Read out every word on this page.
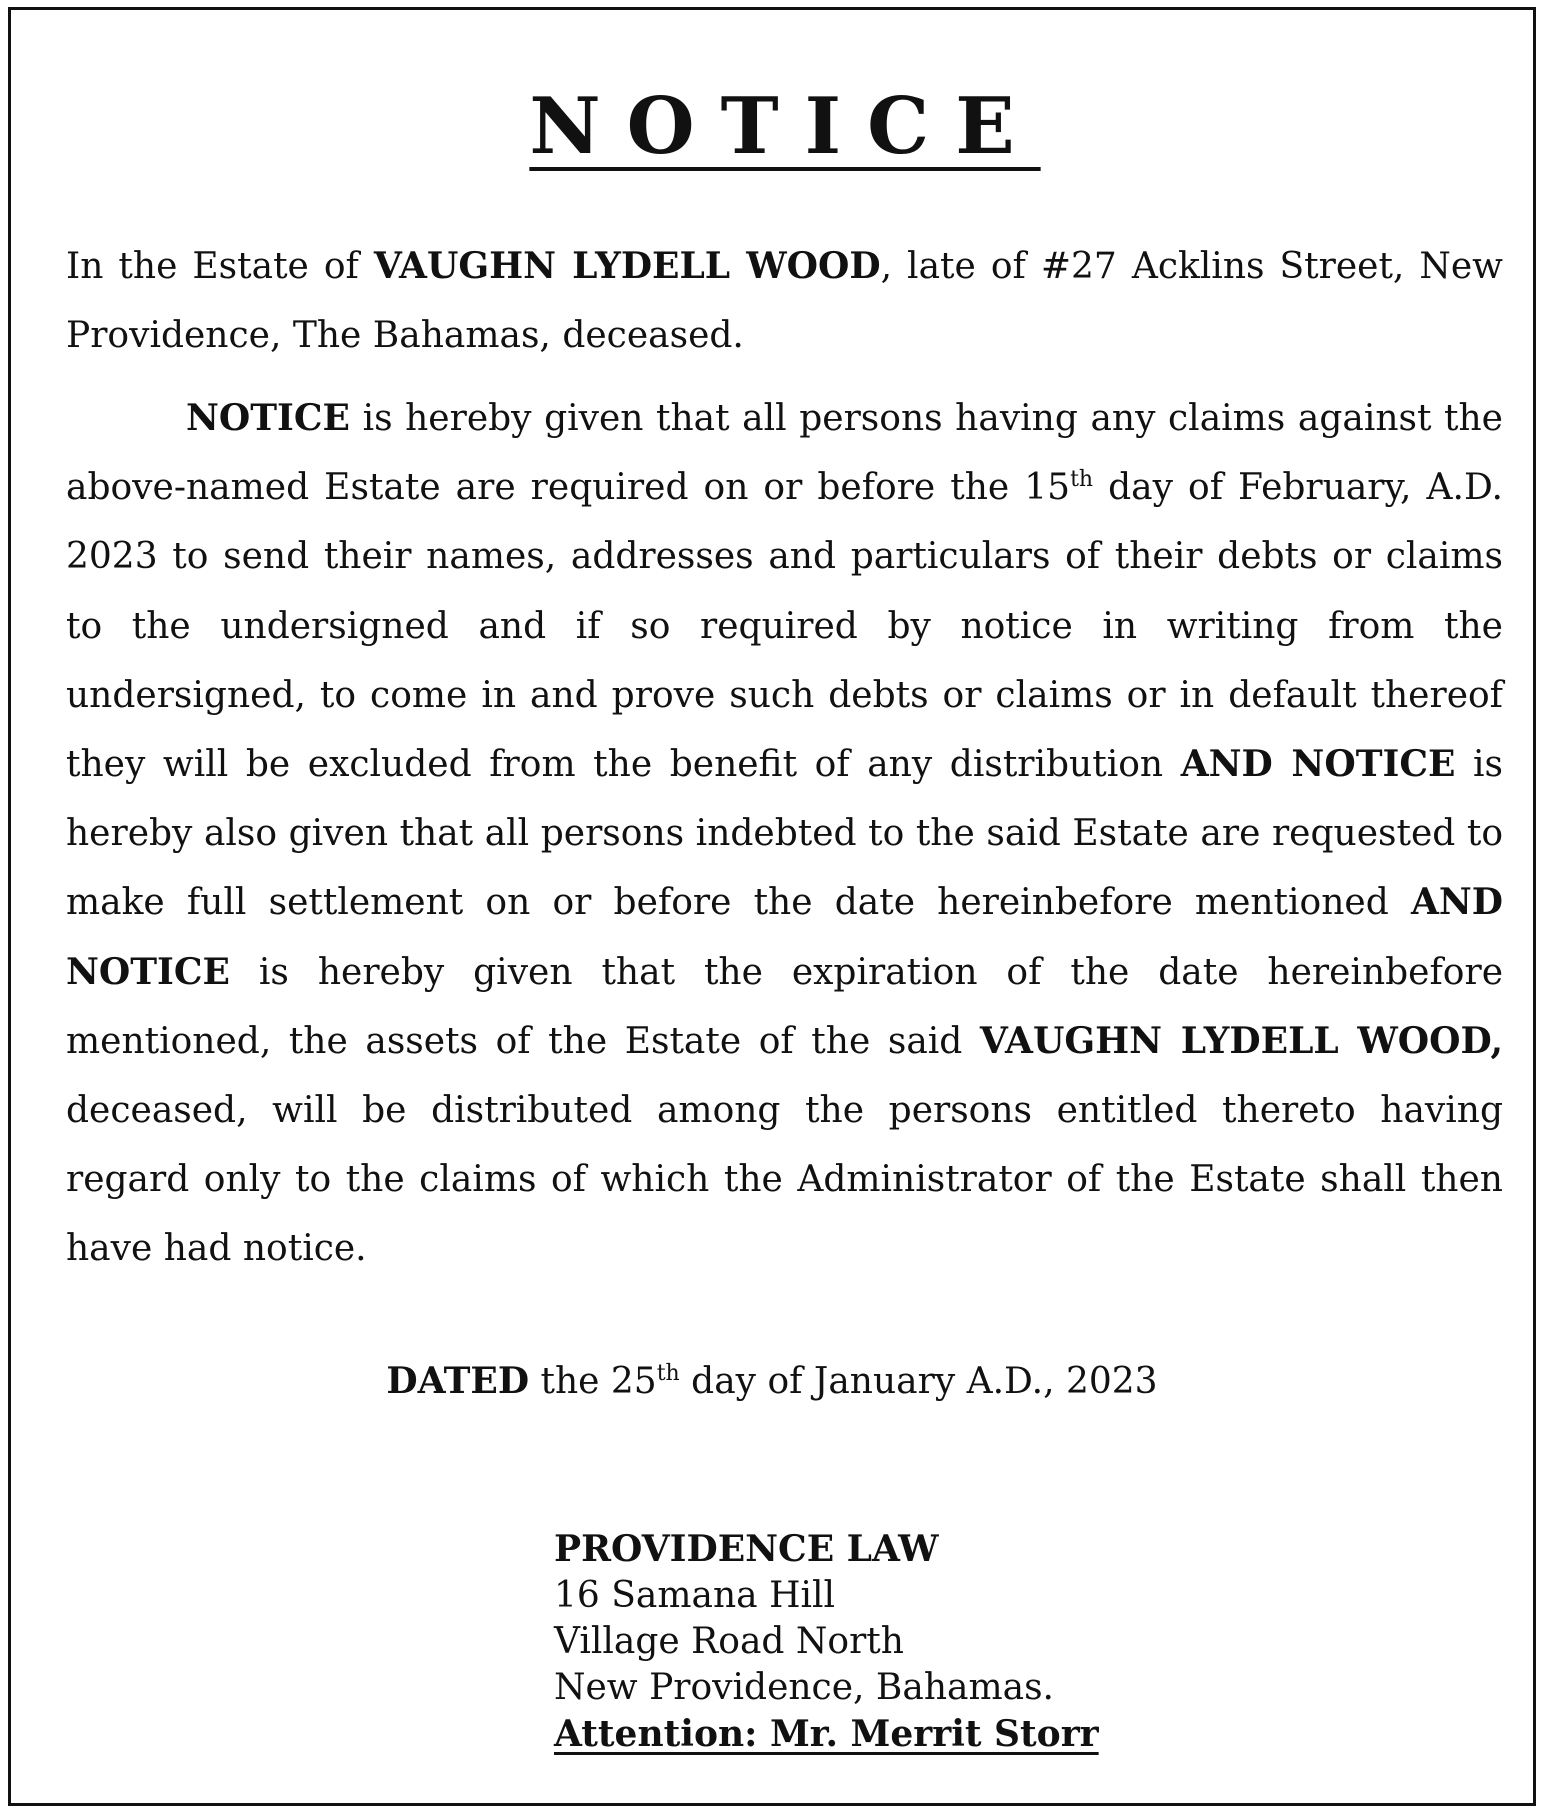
NOTICE

In the Estate of VAUGHN LYDELL WOOD, late of #27 Acklins Street, New Providence, The Bahamas, deceased.

NOTICE is hereby given that all persons having any claims against the above-named Estate are required on or before the 15th day of February, A.D. 2023 to send their names, addresses and particulars of their debts or claims to the undersigned and if so required by notice in writing from the undersigned, to come in and prove such debts or claims or in default thereof they will be excluded from the benefit of any distribution AND NOTICE is hereby also given that all persons indebted to the said Estate are requested to make full settlement on or before the date hereinbefore mentioned AND NOTICE is hereby given that the expiration of the date hereinbefore mentioned, the assets of the Estate of the said VAUGHN LYDELL WOOD, deceased, will be distributed among the persons entitled thereto having regard only to the claims of which the Administrator of the Estate shall then have had notice.

DATED the 25th day of January A.D., 2023
PROVIDENCE LAW
16 Samana Hill
Village Road North
New Providence, Bahamas.
Attention: Mr. Merrit Storr
